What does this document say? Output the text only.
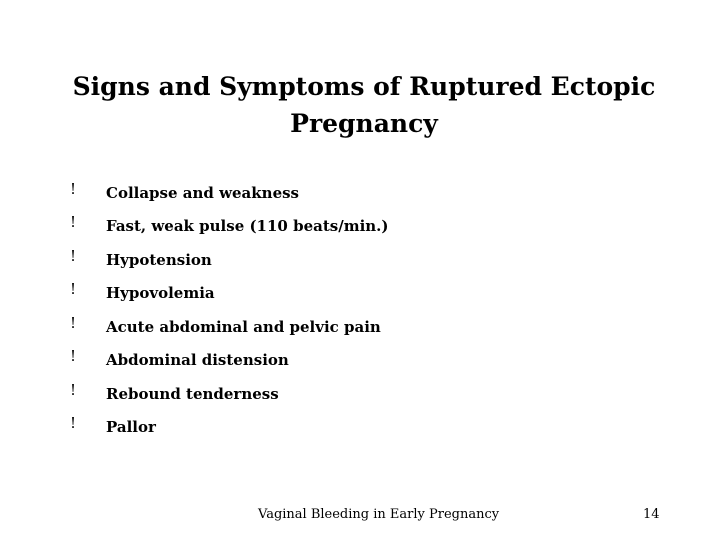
Signs and Symptoms of Ruptured Ectopic
Pregnancy
!	Collapse and weakness
!	Fast, weak pulse (110 beats/min.)
!	Hypotension
!	Hypovolemia
!	Acute abdominal and pelvic pain
!	Abdominal distension
!	Rebound tenderness
!	Pallor
Vaginal Bleeding in Early Pregnancy	14
